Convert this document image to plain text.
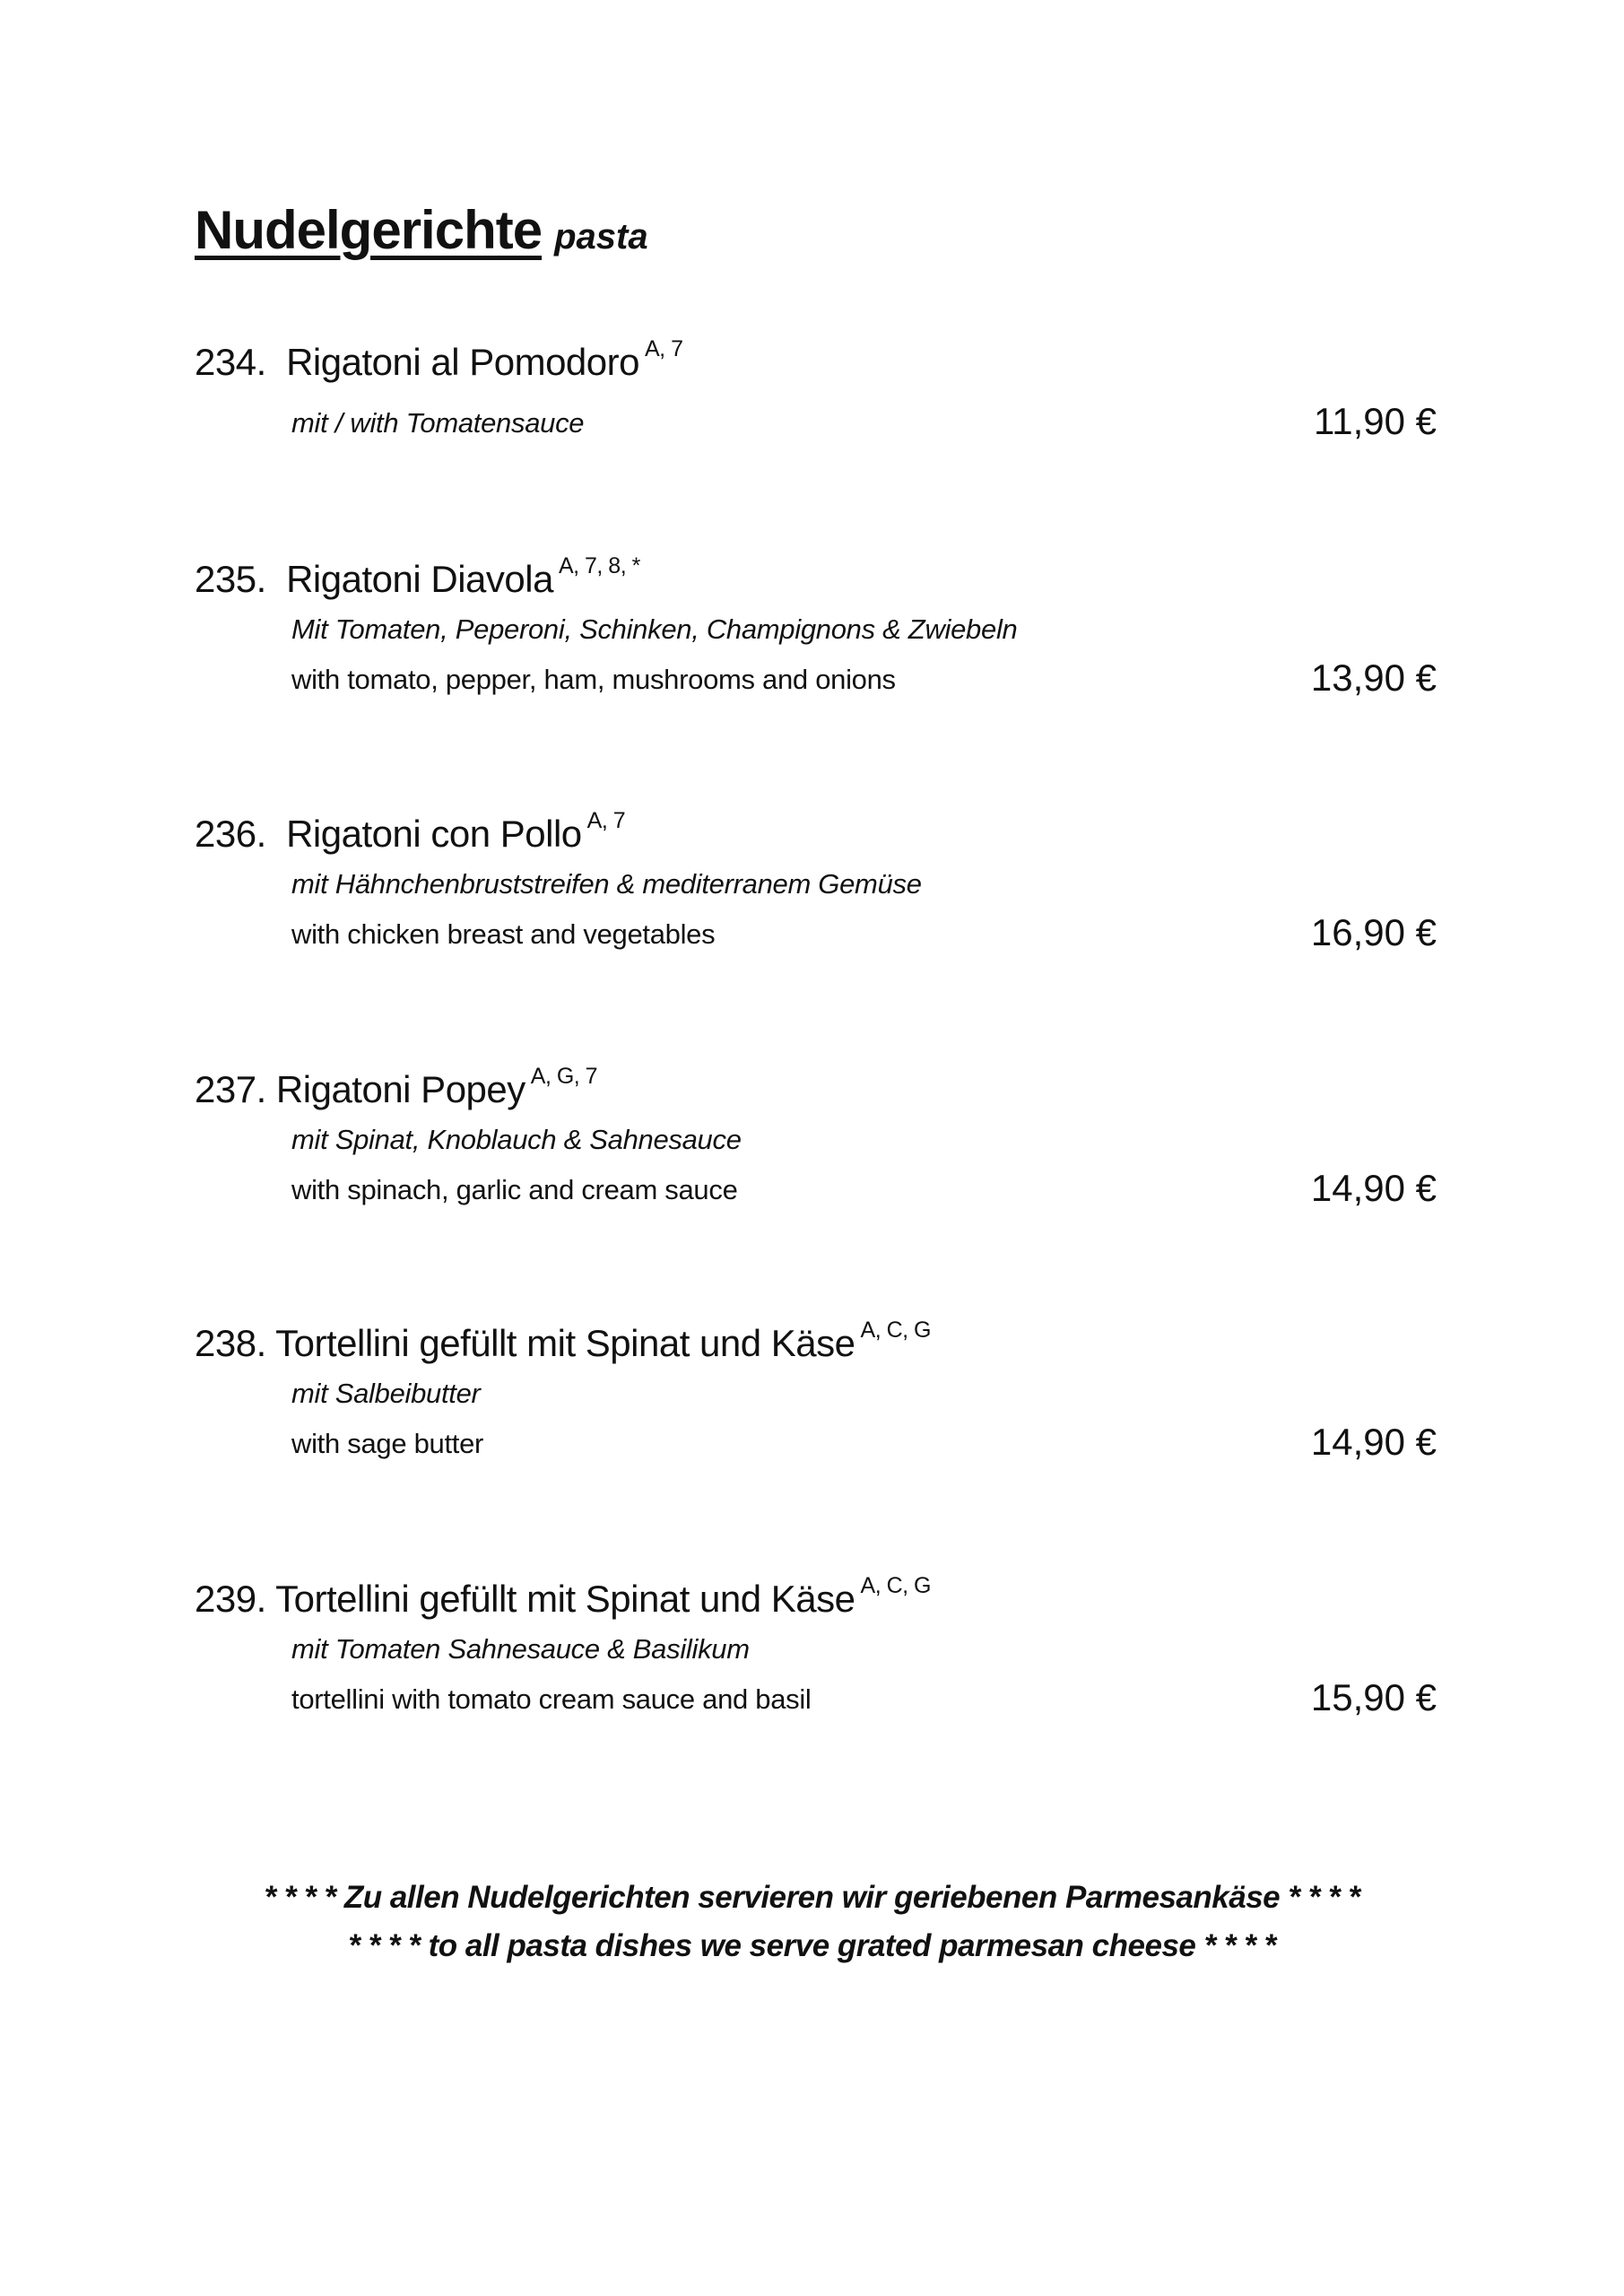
Nudelgerichte pasta
234. Rigatoni al Pomodoro $^{A, 7}$
mit / with Tomatensauce	11,90 €
235. Rigatoni Diavola $^{A, 7, 8, *}$
Mit Tomaten, Peperoni, Schinken, Champignons & Zwiebeln
with tomato, pepper, ham, mushrooms and onions	13,90 €
236. Rigatoni con Pollo $^{A, 7}$
mit Hähnchenbruststreifen & mediterranem Gemüse
with chicken breast and vegetables	16,90 €
237. Rigatoni Popey $^{A, G, 7}$
mit Spinat, Knoblauch & Sahnesauce
with spinach, garlic and cream sauce	14,90 €
238. Tortellini gefüllt mit Spinat und Käse $^{A, C, G}$
mit Salbeibutter
with sage butter	14,90 €
239. Tortellini gefüllt mit Spinat und Käse $^{A, C, G}$
mit Tomaten Sahnesauce & Basilikum
tortellini with tomato cream sauce and basil	15,90 €
* * * * Zu allen Nudelgerichten servieren wir geriebenen Parmesankäse * * * *
* * * * to all pasta dishes we serve grated parmesan cheese * * * *
